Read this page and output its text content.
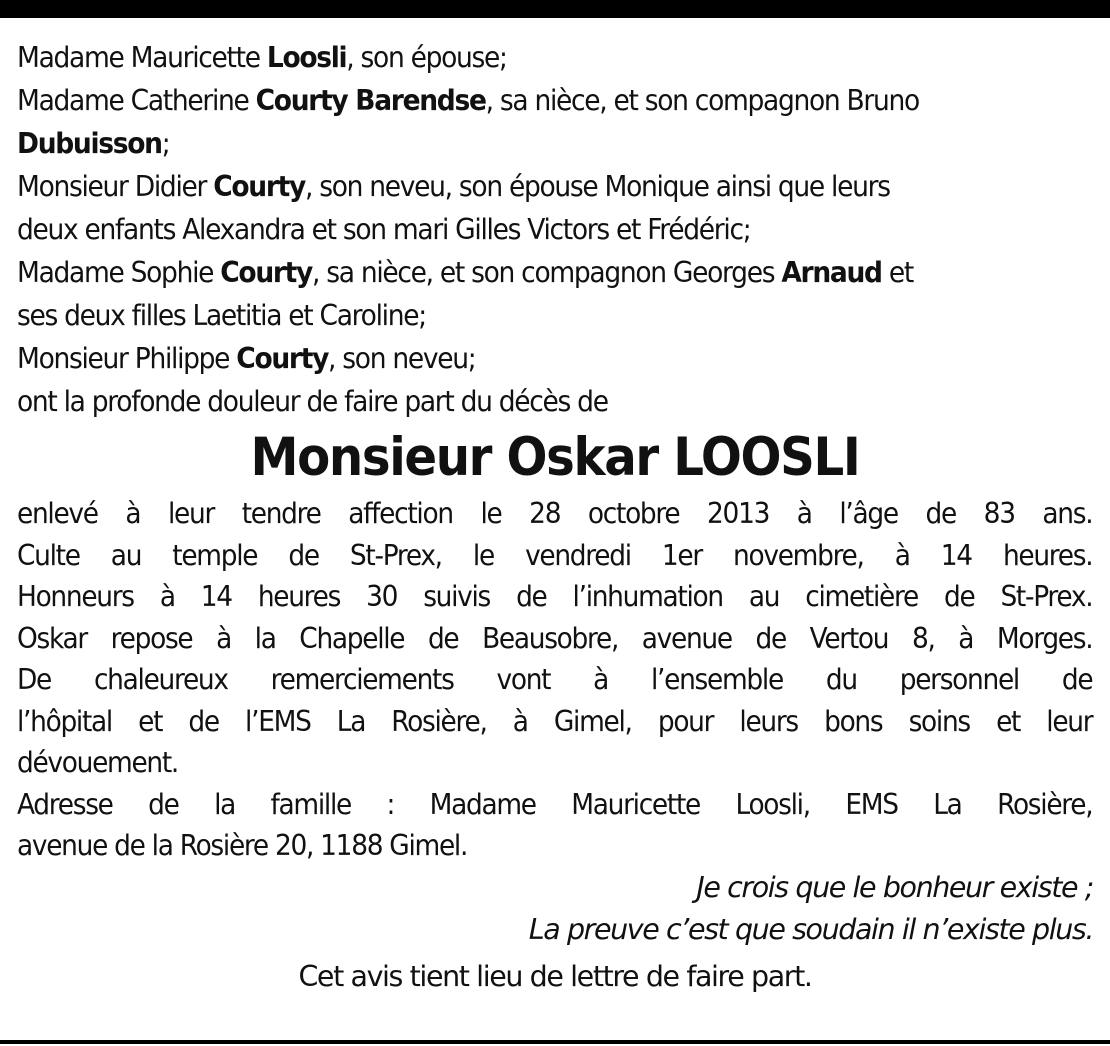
Madame Mauricette Loosli, son épouse;
Madame Catherine Courty Barendse, sa nièce, et son compagnon Bruno
Dubuisson;
Monsieur Didier Courty, son neveu, son épouse Monique ainsi que leurs
deux enfants Alexandra et son mari Gilles Victors et Frédéric;
Madame Sophie Courty, sa nièce, et son compagnon Georges Arnaud et
ses deux filles Laetitia et Caroline;
Monsieur Philippe Courty, son neveu;
ont la profonde douleur de faire part du décès de
Monsieur Oskar LOOSLI
enlevé à leur tendre affection le 28 octobre 2013 à l’âge de 83 ans.
Culte au temple de St-Prex, le vendredi 1er novembre, à 14 heures.
Honneurs à 14 heures 30 suivis de l’inhumation au cimetière de St-Prex.
Oskar repose à la Chapelle de Beausobre, avenue de Vertou 8, à Morges.
De chaleureux remerciements vont à l’ensemble du personnel de
l’hôpital et de l’EMS La Rosière, à Gimel, pour leurs bons soins et leur
dévouement.
Adresse de la famille : Madame Mauricette Loosli, EMS La Rosière,
avenue de la Rosière 20, 1188 Gimel.
Je crois que le bonheur existe ;
La preuve c’est que soudain il n’existe plus.
Cet avis tient lieu de lettre de faire part.
